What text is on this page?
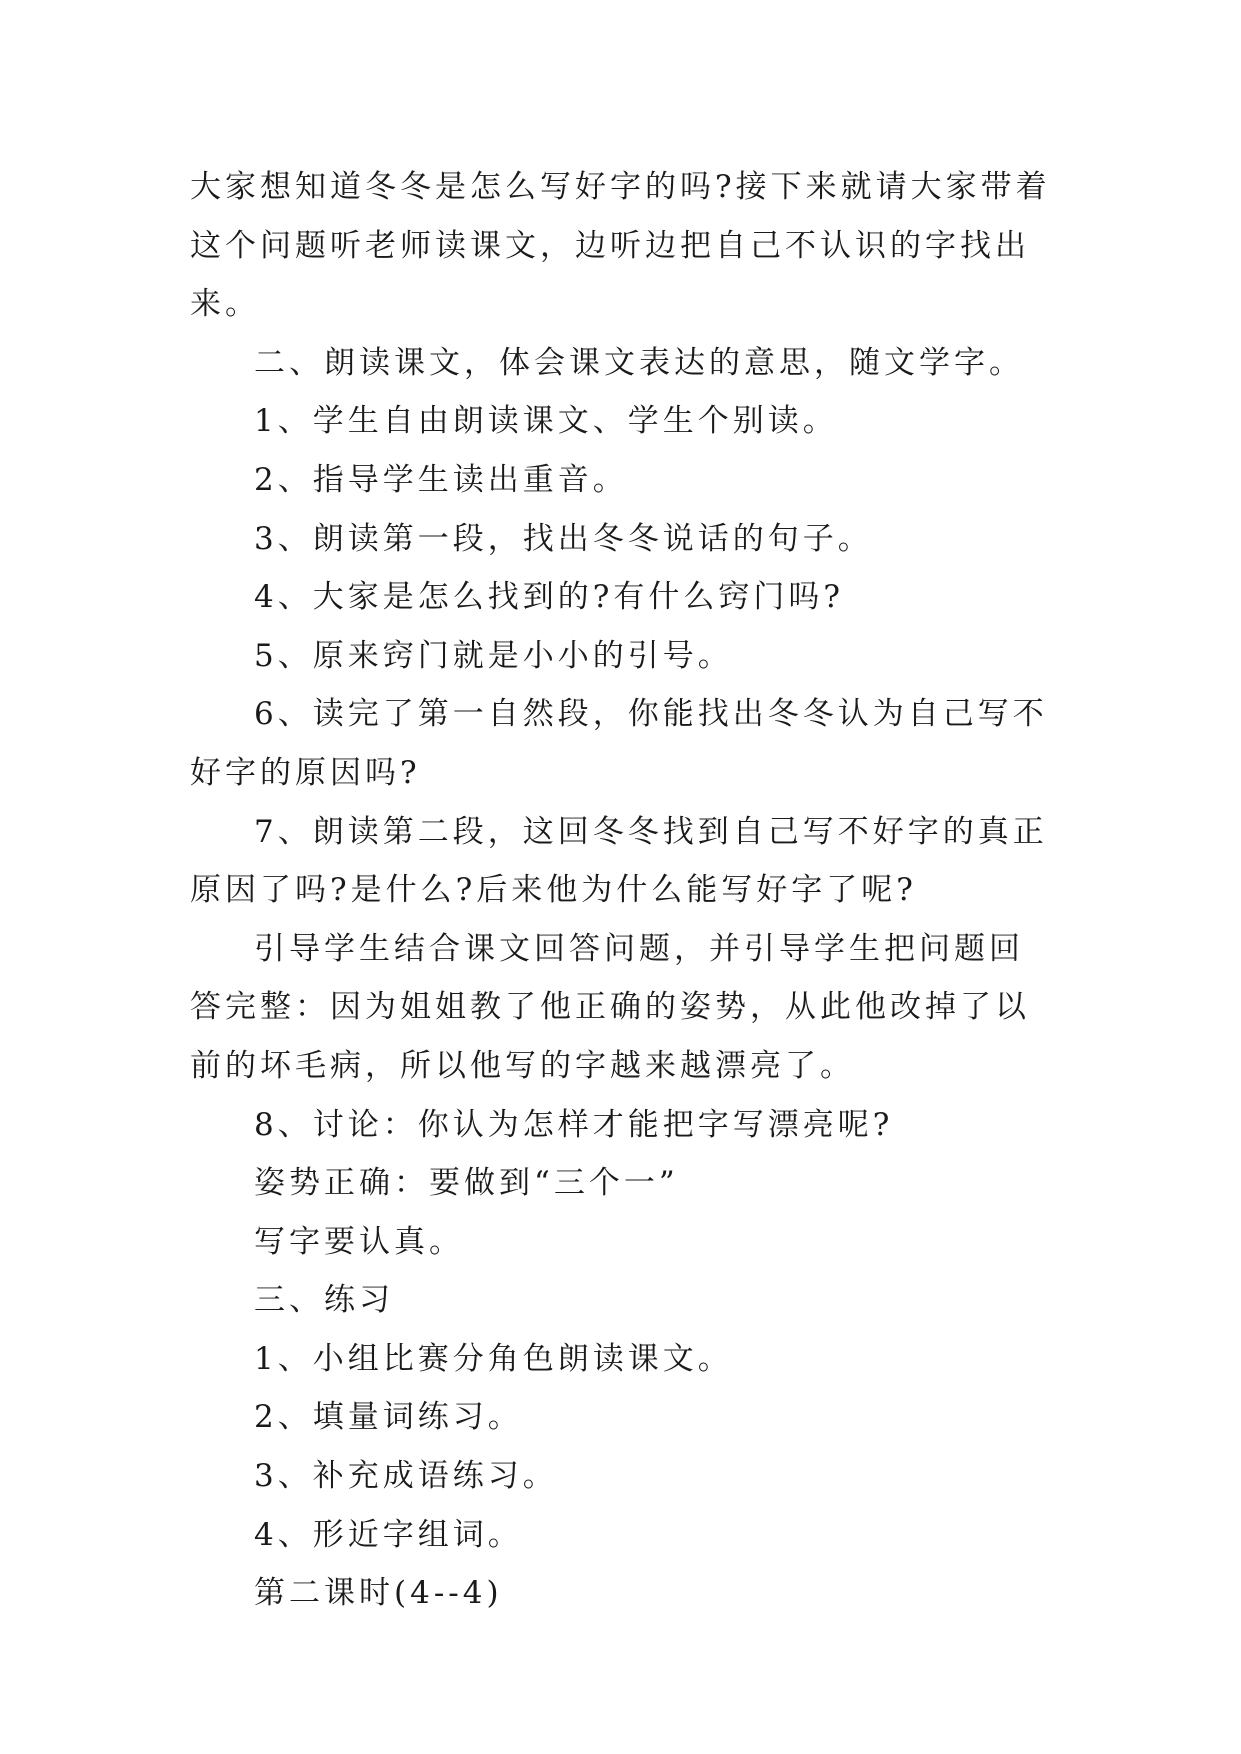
大家想知道冬冬是怎么写好字的吗?接下来就请大家带着这个问题听老师读课文，边听边把自己不认识的字找出来。

二、朗读课文，体会课文表达的意思，随文学字。

1、学生自由朗读课文、学生个别读。

2、指导学生读出重音。

3、朗读第一段，找出冬冬说话的句子。

4、大家是怎么找到的?有什么窍门吗?

5、原来窍门就是小小的引号。

6、读完了第一自然段，你能找出冬冬认为自己写不好字的原因吗?

7、朗读第二段，这回冬冬找到自己写不好字的真正原因了吗?是什么?后来他为什么能写好字了呢?

引导学生结合课文回答问题，并引导学生把问题回答完整：因为姐姐教了他正确的姿势，从此他改掉了以前的坏毛病，所以他写的字越来越漂亮了。

8、讨论：你认为怎样才能把字写漂亮呢?

姿势正确：要做到“三个一”

写字要认真。

三、练习

1、小组比赛分角色朗读课文。

2、填量词练习。

3、补充成语练习。

4、形近字组词。

第二课时(4--4)
